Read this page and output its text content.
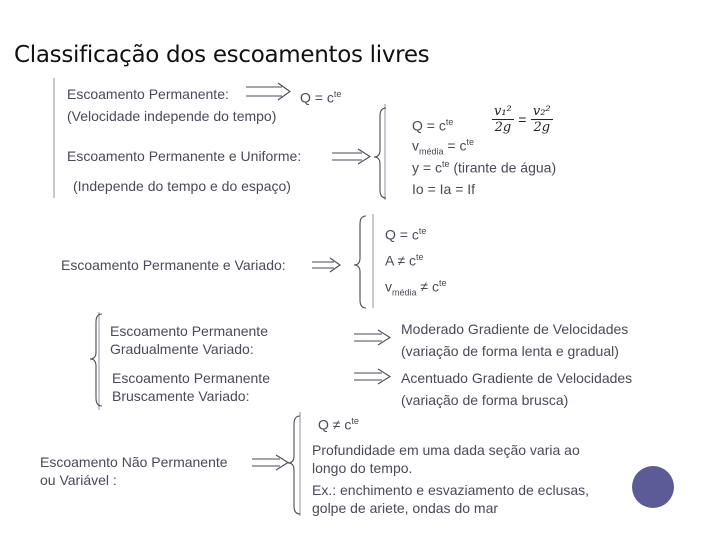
Classificação dos escoamentos livres
Escoamento Permanente:	$Q = c^{te}$
(Velocidade independe do tempo)
Escoamento Permanente e Uniforme:
(Independe do tempo e do espaço)
$Q = c^{te}$
$v_{média} = c^{te}$
$y = c^{te}$ (tirante de água)
Io = Ia = If
$\frac{\text{v₁²}}{2g} = \frac{\text{v₂²}}{2g}$
Escoamento Permanente e Variado:
$Q = c^{te}$
$A \ne c^{te}$
$v_{média} \ne c^{te}$
Escoamento Permanente
Gradualmente Variado:
Escoamento Permanente
Bruscamente Variado:
Moderado Gradiente de Velocidades
(variação de forma lenta e gradual)
Acentuado Gradiente de Velocidades
(variação de forma brusca)
Escoamento Não Permanente
ou Variável :
$Q \ne c^{te}$
Profundidade em uma dada seção varia ao
longo do tempo.
Ex.: enchimento e esvaziamento de eclusas,
golpe de ariete, ondas do mar
